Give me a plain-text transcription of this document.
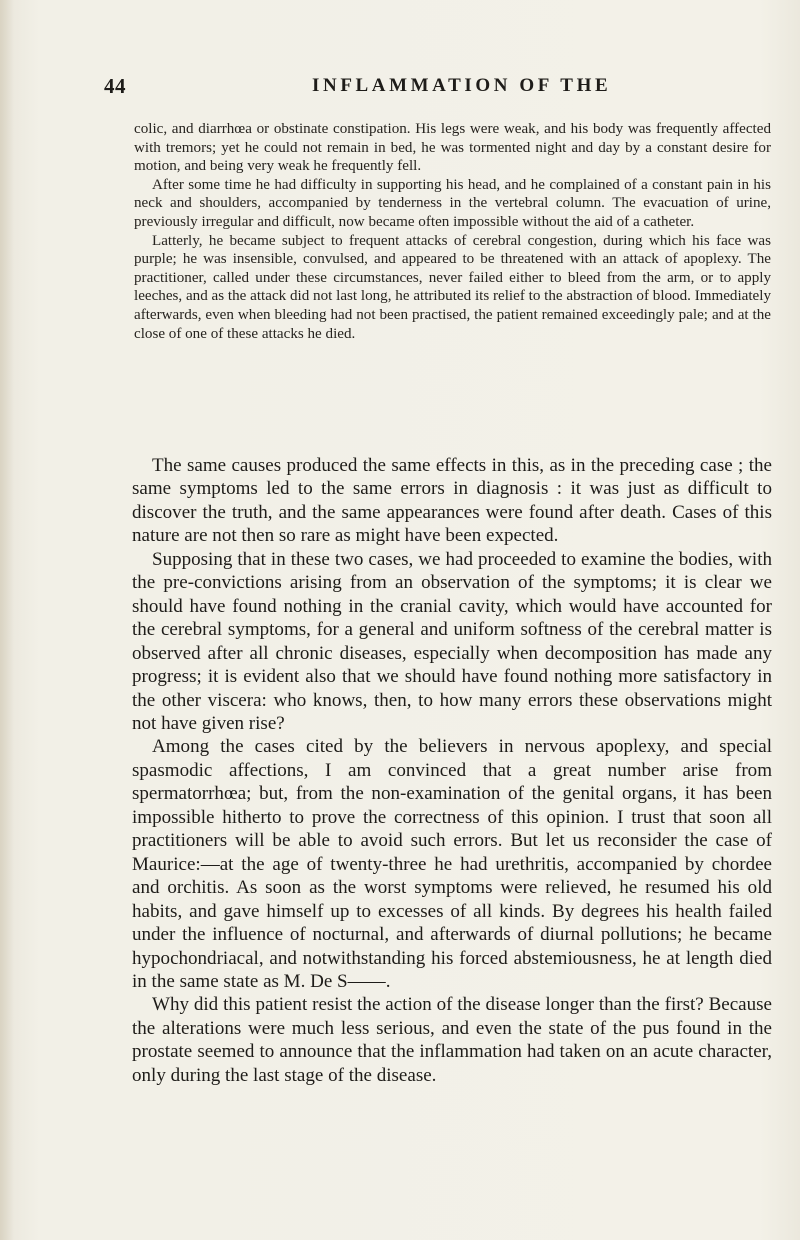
44	INFLAMMATION OF THE

colic, and diarrhœa or obstinate constipation. His legs were weak, and his body was frequently affected with tremors; yet he could not remain in bed, he was tormented night and day by a constant desire for motion, and being very weak he frequently fell.

After some time he had difficulty in supporting his head, and he complained of a constant pain in his neck and shoulders, accompanied by tenderness in the vertebral column. The evacuation of urine, previously irregular and difficult, now became often impossible without the aid of a catheter.

Latterly, he became subject to frequent attacks of cerebral congestion, during which his face was purple; he was insensible, convulsed, and appeared to be threatened with an attack of apoplexy. The practitioner, called under these circumstances, never failed either to bleed from the arm, or to apply leeches, and as the attack did not last long, he attributed its relief to the abstraction of blood. Immediately afterwards, even when bleeding had not been practised, the patient remained exceedingly pale; and at the close of one of these attacks he died.

The same causes produced the same effects in this, as in the preceding case ; the same symptoms led to the same errors in diagnosis : it was just as difficult to discover the truth, and the same appearances were found after death. Cases of this nature are not then so rare as might have been expected.

Supposing that in these two cases, we had proceeded to examine the bodies, with the pre-convictions arising from an observation of the symptoms; it is clear we should have found nothing in the cranial cavity, which would have accounted for the cerebral symptoms, for a general and uniform softness of the cerebral matter is observed after all chronic diseases, especially when decomposition has made any progress; it is evident also that we should have found nothing more satisfactory in the other viscera: who knows, then, to how many errors these observations might not have given rise?

Among the cases cited by the believers in nervous apoplexy, and special spasmodic affections, I am convinced that a great number arise from spermatorrhœa; but, from the non-examination of the genital organs, it has been impossible hitherto to prove the correctness of this opinion. I trust that soon all practitioners will be able to avoid such errors. But let us reconsider the case of Maurice:—at the age of twenty-three he had urethritis, accompanied by chordee and orchitis. As soon as the worst symptoms were relieved, he resumed his old habits, and gave himself up to excesses of all kinds. By degrees his health failed under the influence of nocturnal, and afterwards of diurnal pollutions; he became hypochondriacal, and notwithstanding his forced abstemiousness, he at length died in the same state as M. De S——.

Why did this patient resist the action of the disease longer than the first? Because the alterations were much less serious, and even the state of the pus found in the prostate seemed to announce that the inflammation had taken on an acute character, only during the last stage of the disease.
